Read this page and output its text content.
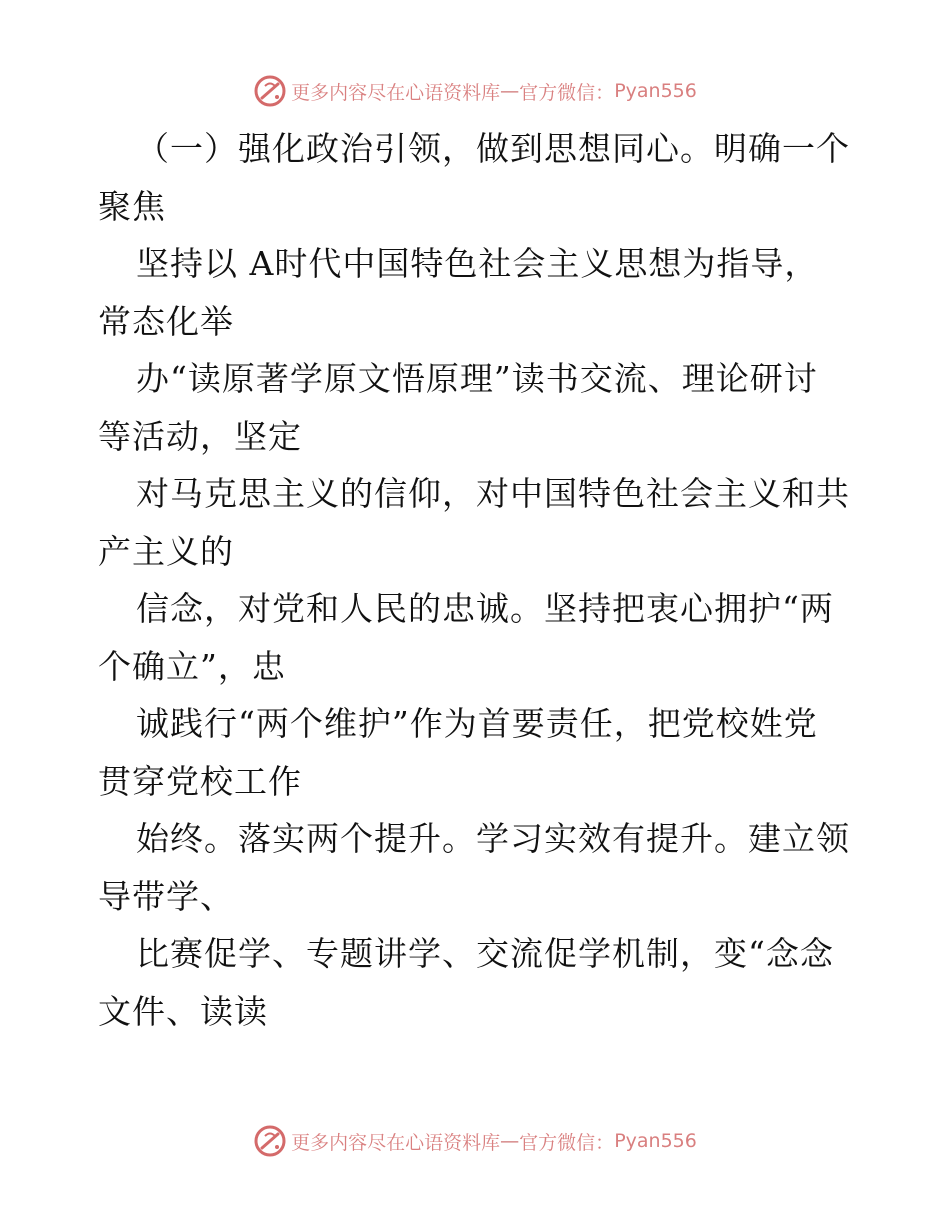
更多内容尽在心语资料库 — 官方微信： Pyan556
（一）强化政治引领，做到思想同心。明确一个
聚焦
坚持以 A时代中国特色社会主义思想为指导，
常态化举
办“读原著学原文悟原理”读书交流、理论研讨
等活动，坚定
对马克思主义的信仰，对中国特色社会主义和共
产主义的
信念，对党和人民的忠诚。坚持把衷心拥护“两
个确立”，忠
诚践行“两个维护”作为首要责任，把党校姓党
贯穿党校工作
始终。落实两个提升。学习实效有提升。建立领
导带学、
比赛促学、专题讲学、交流促学机制，变“念念
文件、读读
更多内容尽在心语资料库 — 官方微信： Pyan556
